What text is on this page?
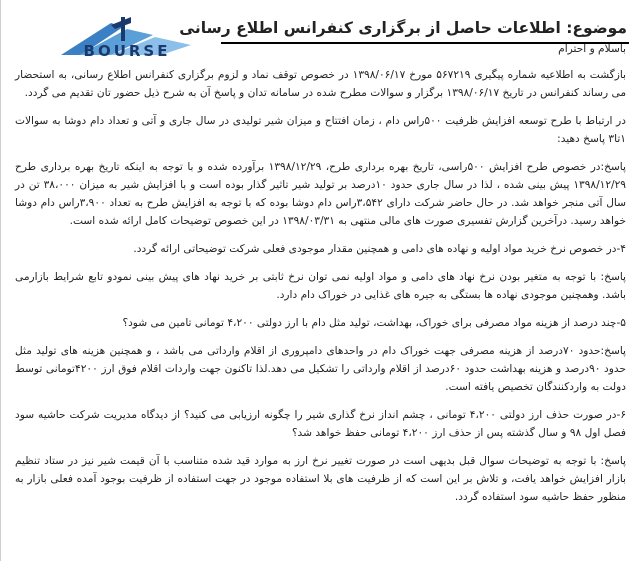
BOURSE
موضوع: اطلاعات حاصل از برگزاری کنفرانس اطلاع رسانی

باسلام و احترام

بازگشت به اطلاعیه شماره پیگیری ۵۶۷۲۱۹ مورخ ۱۳۹۸/۰۶/۱۷ در خصوص توقف نماد و لزوم برگزاری کنفرانس اطلاع رسانی، به استحضار می رساند کنفرانس در تاریخ ۱۳۹۸/۰۶/۱۷ برگزار و سوالات مطرح شده در سامانه تدان و پاسخ آن به شرح ذیل حضور تان تقدیم می گردد.

در ارتباط با طرح توسعه افزایش ظرفیت ۵۰۰راس دام ، زمان افتتاح و میزان شیر تولیدی در سال جاری و آتی و تعداد دام دوشا به سوالات ۱تا۳ پاسخ دهید:

پاسخ:در خصوص طرح افزایش ۵۰۰راسی، تاریخ بهره برداری طرح، ۱۳۹۸/۱۲/۲۹ برآورده شده و با توجه به اینکه تاریخ بهره برداری طرح ۱۳۹۸/۱۲/۲۹ پیش بینی شده ، لذا در سال جاری حدود ۱۰درصد بر تولید شیر تاثیر گذار بوده است و با افزایش شیر به میزان ۳۸،۰۰۰ تن در سال آتی منجر خواهد شد. در حال حاضر شرکت دارای ۳،۵۴۲راس دام دوشا بوده که با توجه به افزایش طرح به تعداد ۳،۹۰۰راس دام دوشا خواهد رسید. درآخرین گزارش تفسیری صورت های مالی منتهی به ۱۳۹۸/۰۳/۳۱ در این خصوص توضیحات کامل ارائه شده است.

۴-در خصوص نرخ خرید مواد اولیه و نهاده های دامی و همچنین مقدار موجودی فعلی شرکت توضیحاتی ارائه گردد.

پاسخ: با توجه به متغیر بودن نرخ نهاد های دامی و مواد اولیه نمی توان نرخ ثابتی بر خرید نهاد های پیش بینی نمودو تابع شرایط بازارمی باشد. وهمچنین موجودی نهاده ها بستگی به جیره های غذایی در خوراک دام دارد.

۵-چند درصد از هزینه مواد مصرفی برای خوراک، بهداشت، تولید مثل دام با ارز دولتی ۴،۲۰۰ تومانی تامین می شود؟

پاسخ:حدود ۷۰درصد از هزینه مصرفی جهت خوراک دام در واحدهای دامپروری از اقلام وارداتی می باشد ، و همچنین هزینه های تولید مثل حدود ۹۰درصد و هزینه بهداشت حدود ۶۰درصد از اقلام وارداتی را تشکیل می دهد.لذا تاکنون جهت واردات اقلام فوق ارز ۴۲۰۰تومانی توسط دولت به واردکنندگان تخصیص یافته است.

۶-در صورت حذف ارز دولتی ۴،۲۰۰ تومانی ، چشم انداز نرخ گذاری شیر را چگونه ارزیابی می کنید؟ از دیدگاه مدیریت شرکت حاشیه سود فصل اول ۹۸ و سال گذشته پس از حذف ارز ۴،۲۰۰ تومانی حفظ خواهد شد؟

پاسخ: با توجه به توضیحات سوال قبل بدیهی است در صورت تغییر نرخ ارز به موارد قید شده متناسب با آن قیمت شیر نیز در ستاد تنظیم بازار افزایش خواهد یافت، و تلاش بر این است که از ظرفیت های بلا استفاده موجود در جهت استفاده از ظرفیت بوجود آمده فعلی بازار به منظور حفظ حاشیه سود استفاده گردد.
